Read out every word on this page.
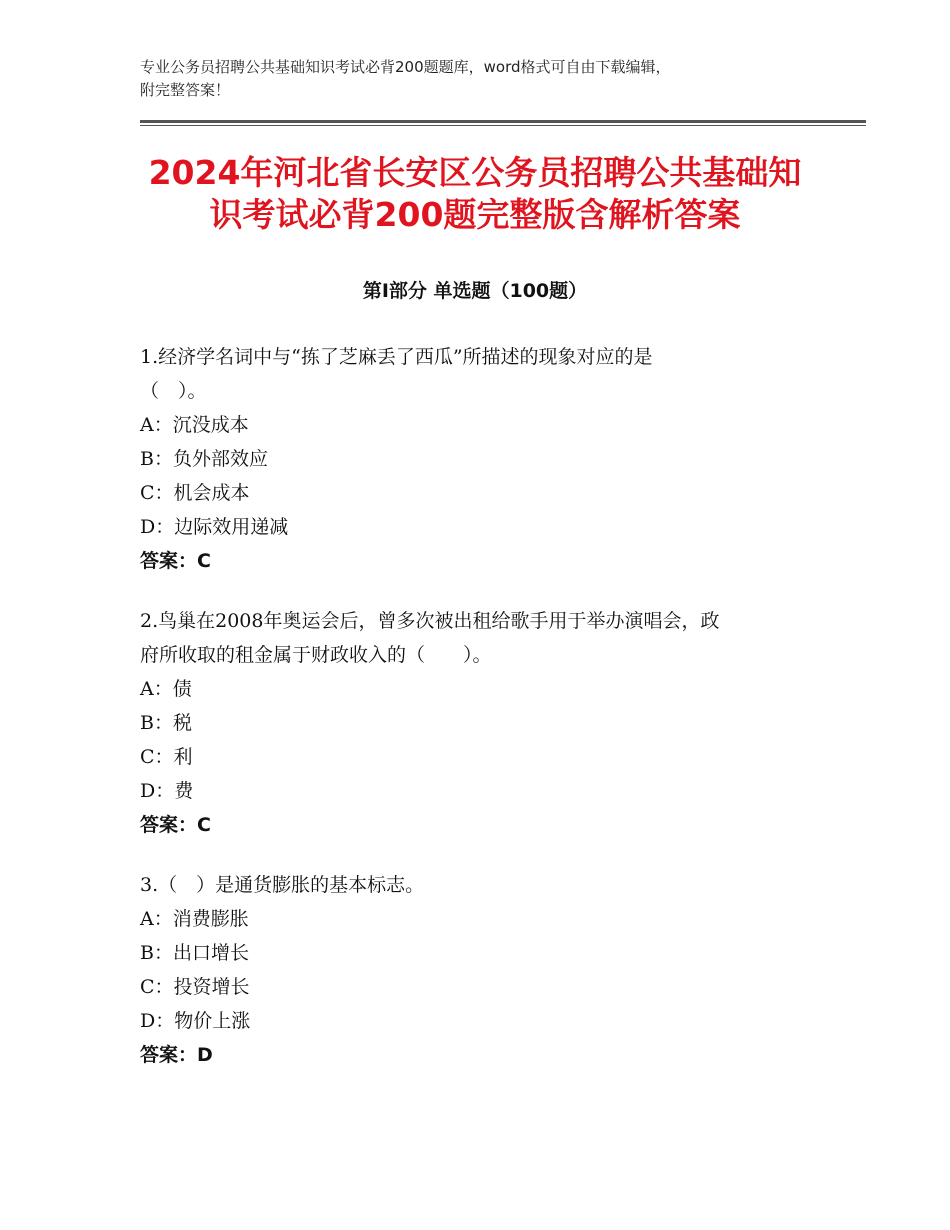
专业公务员招聘公共基础知识考试必背200题题库，word格式可自由下载编辑，
附完整答案！
2024年河北省长安区公务员招聘公共基础知
识考试必背200题完整版含解析答案
第Ⅰ部分 单选题（100题）

1.经济学名词中与“拣了芝麻丢了西瓜”所描述的现象对应的是

（　）。

A：沉没成本

B：负外部效应

C：机会成本

D：边际效用递减

答案：C

2.鸟巢在2008年奥运会后，曾多次被出租给歌手用于举办演唱会，政

府所收取的租金属于财政收入的（　　）。

A：债

B：税

C：利

D：费

答案：C

3.（　）是通货膨胀的基本标志。

A：消费膨胀

B：出口增长

C：投资增长

D：物价上涨

答案：D
